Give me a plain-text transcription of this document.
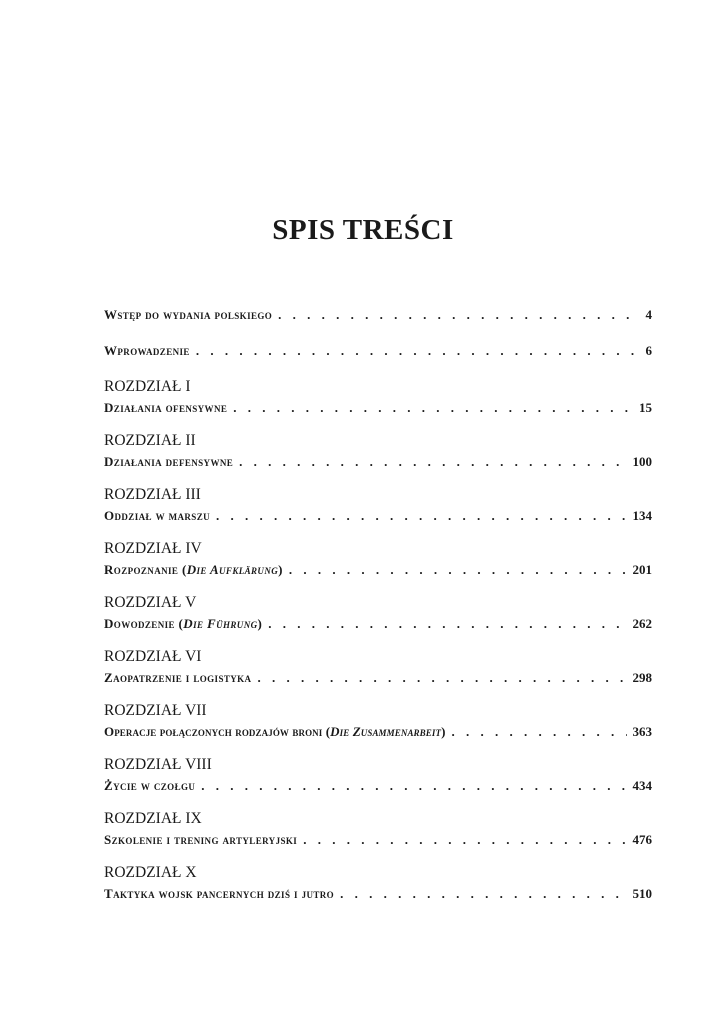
SPIS TREŚCI
Wstęp do wydania polskiego . . .	4
Wprowadzenie . . .	6
ROZDZIAŁ I
Działania ofensywne . . .	15
ROZDZIAŁ II
Działania defensywne . . .	100
ROZDZIAŁ III
Oddział w marszu . . .	134
ROZDZIAŁ IV
Rozpoznanie (Die Aufklärung) . . .	201
ROZDZIAŁ V
Dowodzenie (Die Führung) . . .	262
ROZDZIAŁ VI
Zaopatrzenie i logistyka . . .	298
ROZDZIAŁ VII
Operacje połączonych rodzajów broni (Die Zusammenarbeit) . . .	363
ROZDZIAŁ VIII
Życie w czołgu . . .	434
ROZDZIAŁ IX
Szkolenie i trening artyleryjski . . .	476
ROZDZIAŁ X
Taktyka wojsk pancernych dziś i jutro . . .	510
